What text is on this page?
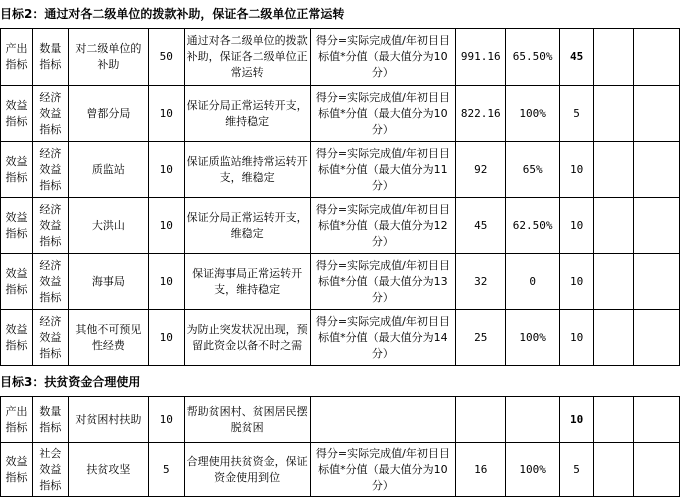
目标2：通过对各二级单位的拨款补助，保证各二级单位正常运转
产出指标	数量指标	对二级单位的补助	50	通过对各二级单位的拨款补助，保证各二级单位正常运转	得分=实际完成值/年初目目标值*分值（最大值分为10分）	991.16	65.50%	45		
效益指标	经济效益指标	曾都分局	10	保证分局正常运转开支，维持稳定	得分=实际完成值/年初目目标值*分值（最大值分为10分）	822.16	100%	5		
效益指标	经济效益指标	质监站	10	保证质监站维持常运转开支，维稳定	得分=实际完成值/年初目目标值*分值（最大值分为11分）	92	65%	10		
效益指标	经济效益指标	大洪山	10	保证分局正常运转开支，维稳定	得分=实际完成值/年初目目标值*分值（最大值分为12分）	45	62.50%	10		
效益指标	经济效益指标	海事局	10	保证海事局正常运转开支，维持稳定	得分=实际完成值/年初目目标值*分值（最大值分为13分）	32	0	10		
效益指标	经济效益指标	其他不可预见性经费	10	为防止突发状况出现，预留此资金以备不时之需	得分=实际完成值/年初目目标值*分值（最大值分为14分）	25	100%	10		
目标3：扶贫资金合理使用
产出指标	数量指标	对贫困村扶助	10	帮助贫困村、贫困居民摆脱贫困				10		
效益指标	社会效益指标	扶贫攻坚	5	合理使用扶贫资金，保证资金使用到位	得分=实际完成值/年初目目标值*分值（最大值分为10分）	16	100%	5		
